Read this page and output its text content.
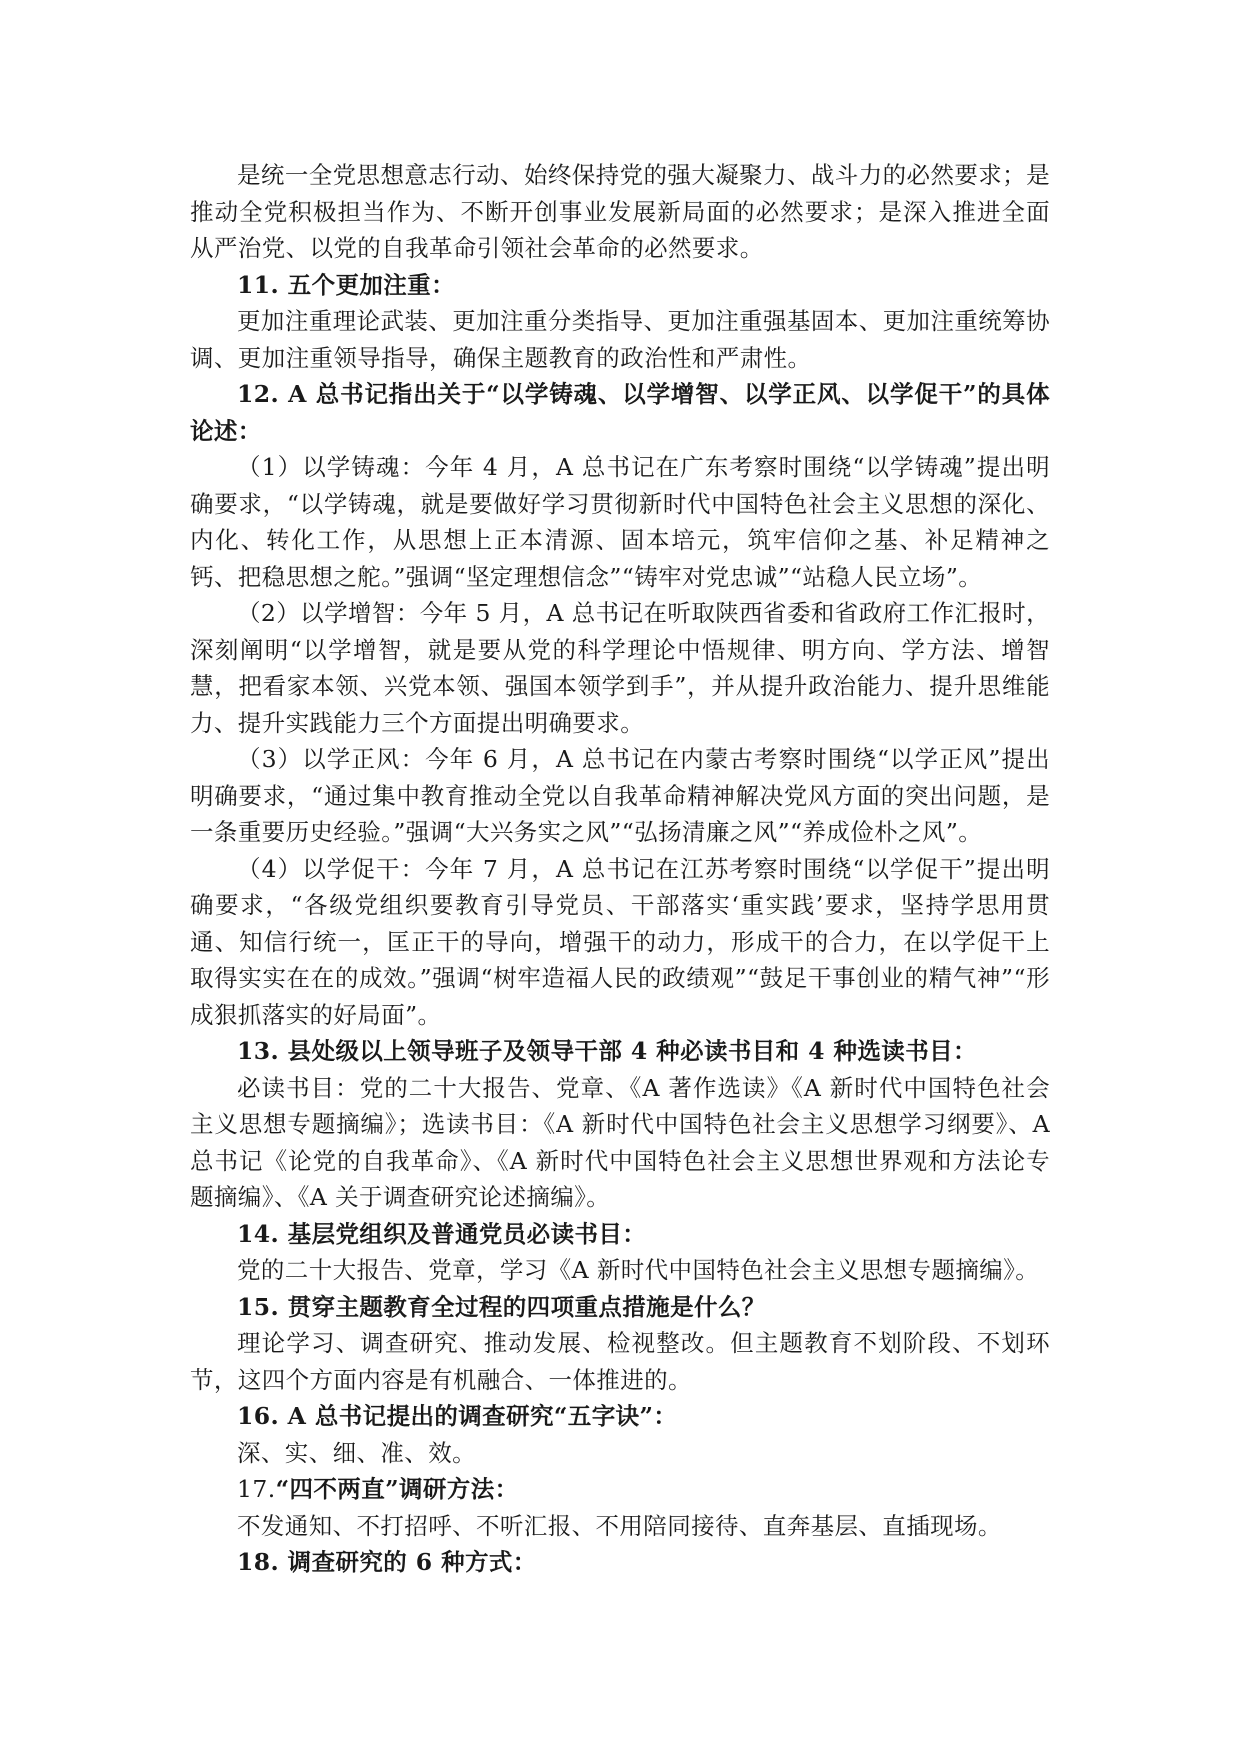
是统一全党思想意志行动、始终保持党的强大凝聚力、战斗力的必然要求；是推动全党积极担当作为、不断开创事业发展新局面的必然要求；是深入推进全面从严治党、以党的自我革命引领社会革命的必然要求。

11. 五个更加注重：

更加注重理论武装、更加注重分类指导、更加注重强基固本、更加注重统筹协调、更加注重领导指导，确保主题教育的政治性和严肃性。

12. A 总书记指出关于“以学铸魂、以学增智、以学正风、以学促干”的具体论述：

（1）以学铸魂：今年 4 月，A 总书记在广东考察时围绕“以学铸魂”提出明确要求，“以学铸魂，就是要做好学习贯彻新时代中国特色社会主义思想的深化、内化、转化工作，从思想上正本清源、固本培元，筑牢信仰之基、补足精神之钙、把稳思想之舵。”强调“坚定理想信念”“铸牢对党忠诚”“站稳人民立场”。

（2）以学增智：今年 5 月，A 总书记在听取陕西省委和省政府工作汇报时，深刻阐明“以学增智，就是要从党的科学理论中悟规律、明方向、学方法、增智慧，把看家本领、兴党本领、强国本领学到手”，并从提升政治能力、提升思维能力、提升实践能力三个方面提出明确要求。

（3）以学正风：今年 6 月，A 总书记在内蒙古考察时围绕“以学正风”提出明确要求，“通过集中教育推动全党以自我革命精神解决党风方面的突出问题，是一条重要历史经验。”强调“大兴务实之风”“弘扬清廉之风”“养成俭朴之风”。

（4）以学促干：今年 7 月，A 总书记在江苏考察时围绕“以学促干”提出明确要求，“各级党组织要教育引导党员、干部落实‘重实践’要求，坚持学思用贯通、知信行统一，匡正干的导向，增强干的动力，形成干的合力，在以学促干上取得实实在在的成效。”强调“树牢造福人民的政绩观”“鼓足干事创业的精气神”“形成狠抓落实的好局面”。

13. 县处级以上领导班子及领导干部 4 种必读书目和 4 种选读书目：

必读书目：党的二十大报告、党章、《A 著作选读》《A 新时代中国特色社会主义思想专题摘编》；选读书目：《A 新时代中国特色社会主义思想学习纲要》、A 总书记《论党的自我革命》、《A 新时代中国特色社会主义思想世界观和方法论专题摘编》、《A 关于调查研究论述摘编》。

14. 基层党组织及普通党员必读书目：

党的二十大报告、党章，学习《A 新时代中国特色社会主义思想专题摘编》。

15. 贯穿主题教育全过程的四项重点措施是什么？

理论学习、调查研究、推动发展、检视整改。但主题教育不划阶段、不划环节，这四个方面内容是有机融合、一体推进的。

16. A 总书记提出的调查研究“五字诀”：

深、实、细、准、效。

17.“四不两直”调研方法：

不发通知、不打招呼、不听汇报、不用陪同接待、直奔基层、直插现场。

18. 调查研究的 6 种方式：
